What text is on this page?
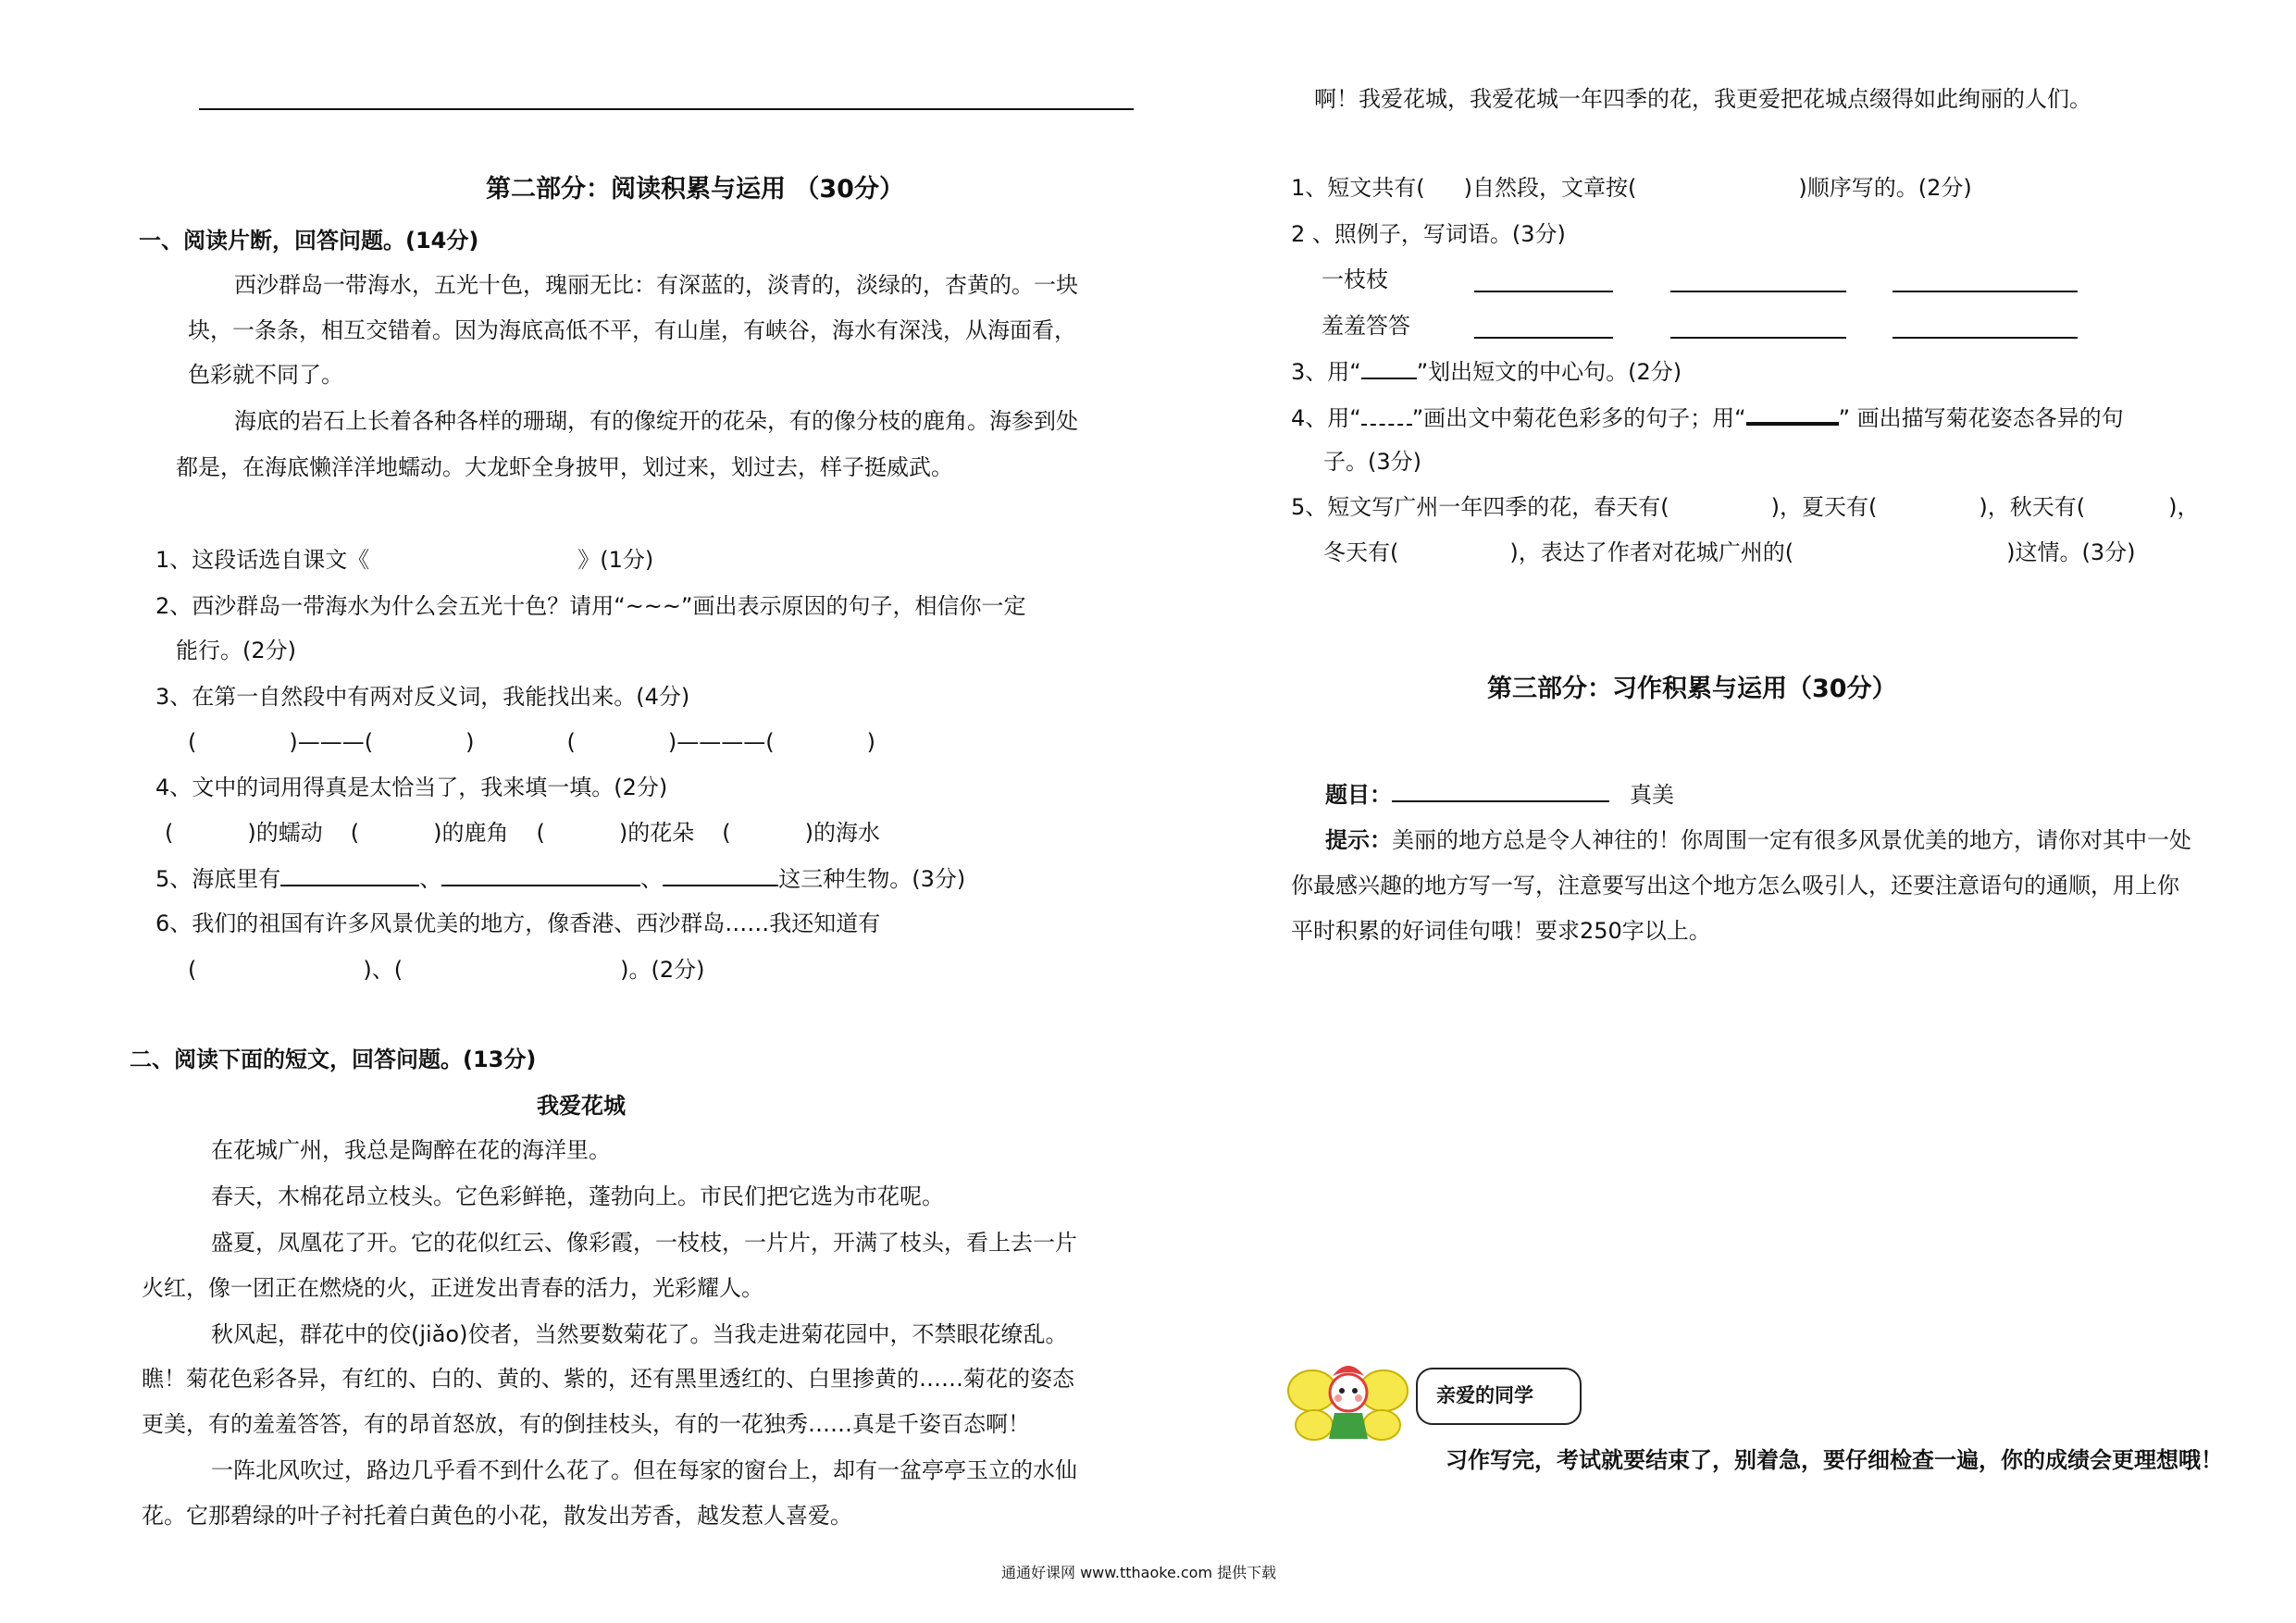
第二部分：阅读积累与运用 （30分）
一、阅读片断，回答问题。(14分)
西沙群岛一带海水，五光十色，瑰丽无比：有深蓝的，淡青的，淡绿的，杏黄的。一块
块，一条条，相互交错着。因为海底高低不平，有山崖，有峡谷，海水有深浅，从海面看，
色彩就不同了。
海底的岩石上长着各种各样的珊瑚，有的像绽开的花朵，有的像分枝的鹿角。海参到处
都是，在海底懒洋洋地蠕动。大龙虾全身披甲，划过来，划过去，样子挺威武。
1、这段话选自课文《	》(1分)
2、西沙群岛一带海水为什么会五光十色？请用“~~~”画出表示原因的句子，相信你一定
能行。(2分)
3、在第一自然段中有两对反义词，我能找出来。(4分)
(	)———(	)	(	)————(	)
4、文中的词用得真是太恰当了，我来填一填。(2分)
(	)的蠕动 (	)的鹿角 (	)的花朵 (	)的海水
5、海底里有	、	、	这三种生物。(3分)
6、我们的祖国有许多风景优美的地方，像香港、西沙群岛……我还知道有
(	)、(	)。(2分)
二、阅读下面的短文，回答问题。(13分)
我爱花城
在花城广州，我总是陶醉在花的海洋里。
春天，木棉花昂立枝头。它色彩鲜艳，蓬勃向上。市民们把它选为市花呢。
盛夏，凤凰花了开。它的花似红云、像彩霞，一枝枝，一片片，开满了枝头，看上去一片
火红，像一团正在燃烧的火，正迸发出青春的活力，光彩耀人。
秋风起，群花中的佼(jiǎo)佼者，当然要数菊花了。当我走进菊花园中，不禁眼花缭乱。
瞧！菊花色彩各异，有红的、白的、黄的、紫的，还有黑里透红的、白里掺黄的……菊花的姿态
更美，有的羞羞答答，有的昂首怒放，有的倒挂枝头，有的一花独秀……真是千姿百态啊！
一阵北风吹过，路边几乎看不到什么花了。但在每家的窗台上，却有一盆亭亭玉立的水仙
花。它那碧绿的叶子衬托着白黄色的小花，散发出芳香，越发惹人喜爱。
啊！我爱花城，我爱花城一年四季的花，我更爱把花城点缀得如此绚丽的人们。
1、短文共有( )自然段，文章按(	)顺序写的。(2分)
2 、照例子，写词语。(3分)
一枝枝
羞羞答答
3、用“	”划出短文的中心句。(2分)
4、用“ ”画出文中菊花色彩多的句子；用“	” 画出描写菊花姿态各异的句
子。(3分)
5、短文写广州一年四季的花，春天有(	)，夏天有(	)，秋天有(	)，
冬天有(	)，表达了作者对花城广州的(	)这情。(3分)
第三部分：习作积累与运用（30分）
题目：	真美
提示：美丽的地方总是令人神往的！你周围一定有很多风景优美的地方，请你对其中一处
你最感兴趣的地方写一写，注意要写出这个地方怎么吸引人，还要注意语句的通顺，用上你
平时积累的好词佳句哦！要求250字以上。
亲爱的同学
习作写完，考试就要结束了，别着急，要仔细检查一遍，你的成绩会更理想哦！
通通好课网 www.tthaoke.com 提供下载
